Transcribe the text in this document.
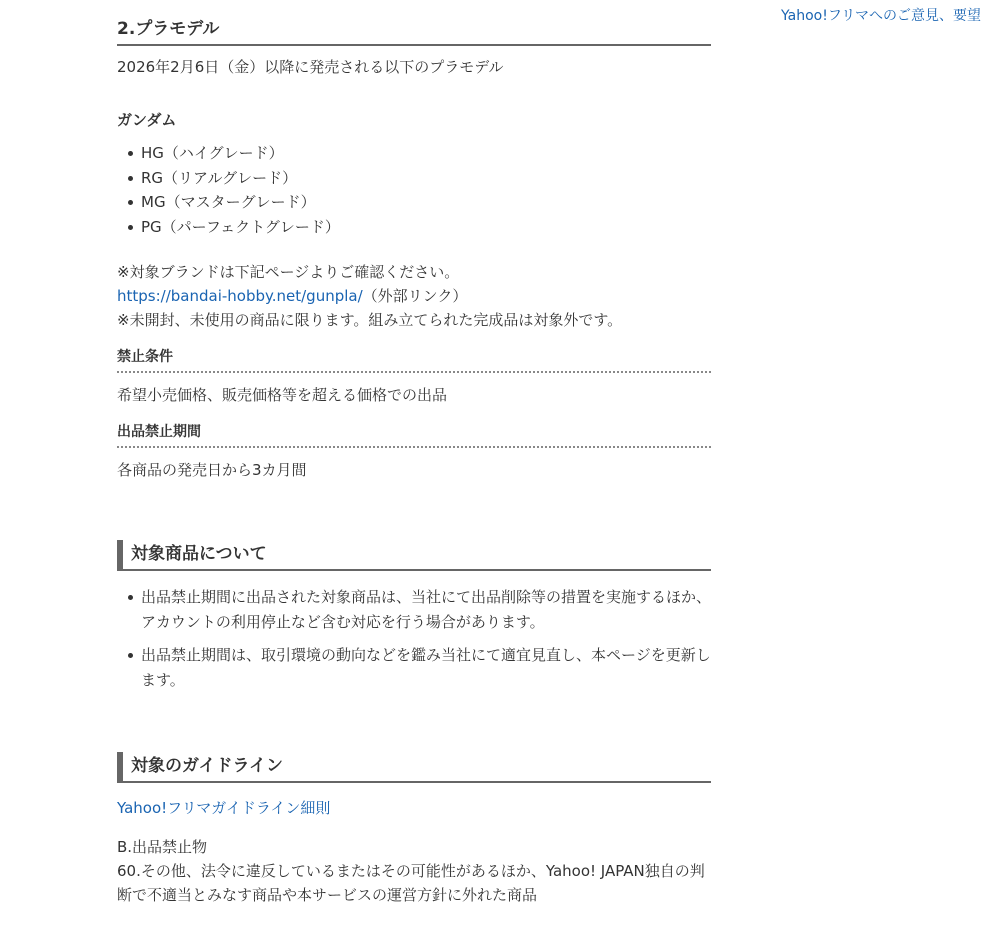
Yahoo!フリマへのご意見、要望
2.プラモデル

2026年2月6日（金）以降に発売される以下のプラモデル

ガンダム

HG（ハイグレード）
RG（リアルグレード）
MG（マスターグレード）
PG（パーフェクトグレード）

※対象ブランドは下記ページよりご確認ください。

https://bandai-hobby.net/gunpla/（外部リンク）

※未開封、未使用の商品に限ります。組み立てられた完成品は対象外です。

禁止条件

希望小売価格、販売価格等を超える価格での出品

出品禁止期間

各商品の発売日から3カ月間

対象商品について
出品禁止期間に出品された対象商品は、当社にて出品削除等の措置を実施するほか、アカウントの利用停止など含む対応を行う場合があります。
出品禁止期間は、取引環境の動向などを鑑み当社にて適宜見直し、本ページを更新します。
対象のガイドライン

Yahoo!フリマガイドライン細則

B.出品禁止物

60.その他、法令に違反しているまたはその可能性があるほか、Yahoo! JAPAN独自の判断で不適当とみなす商品や本サービスの運営方針に外れた商品
